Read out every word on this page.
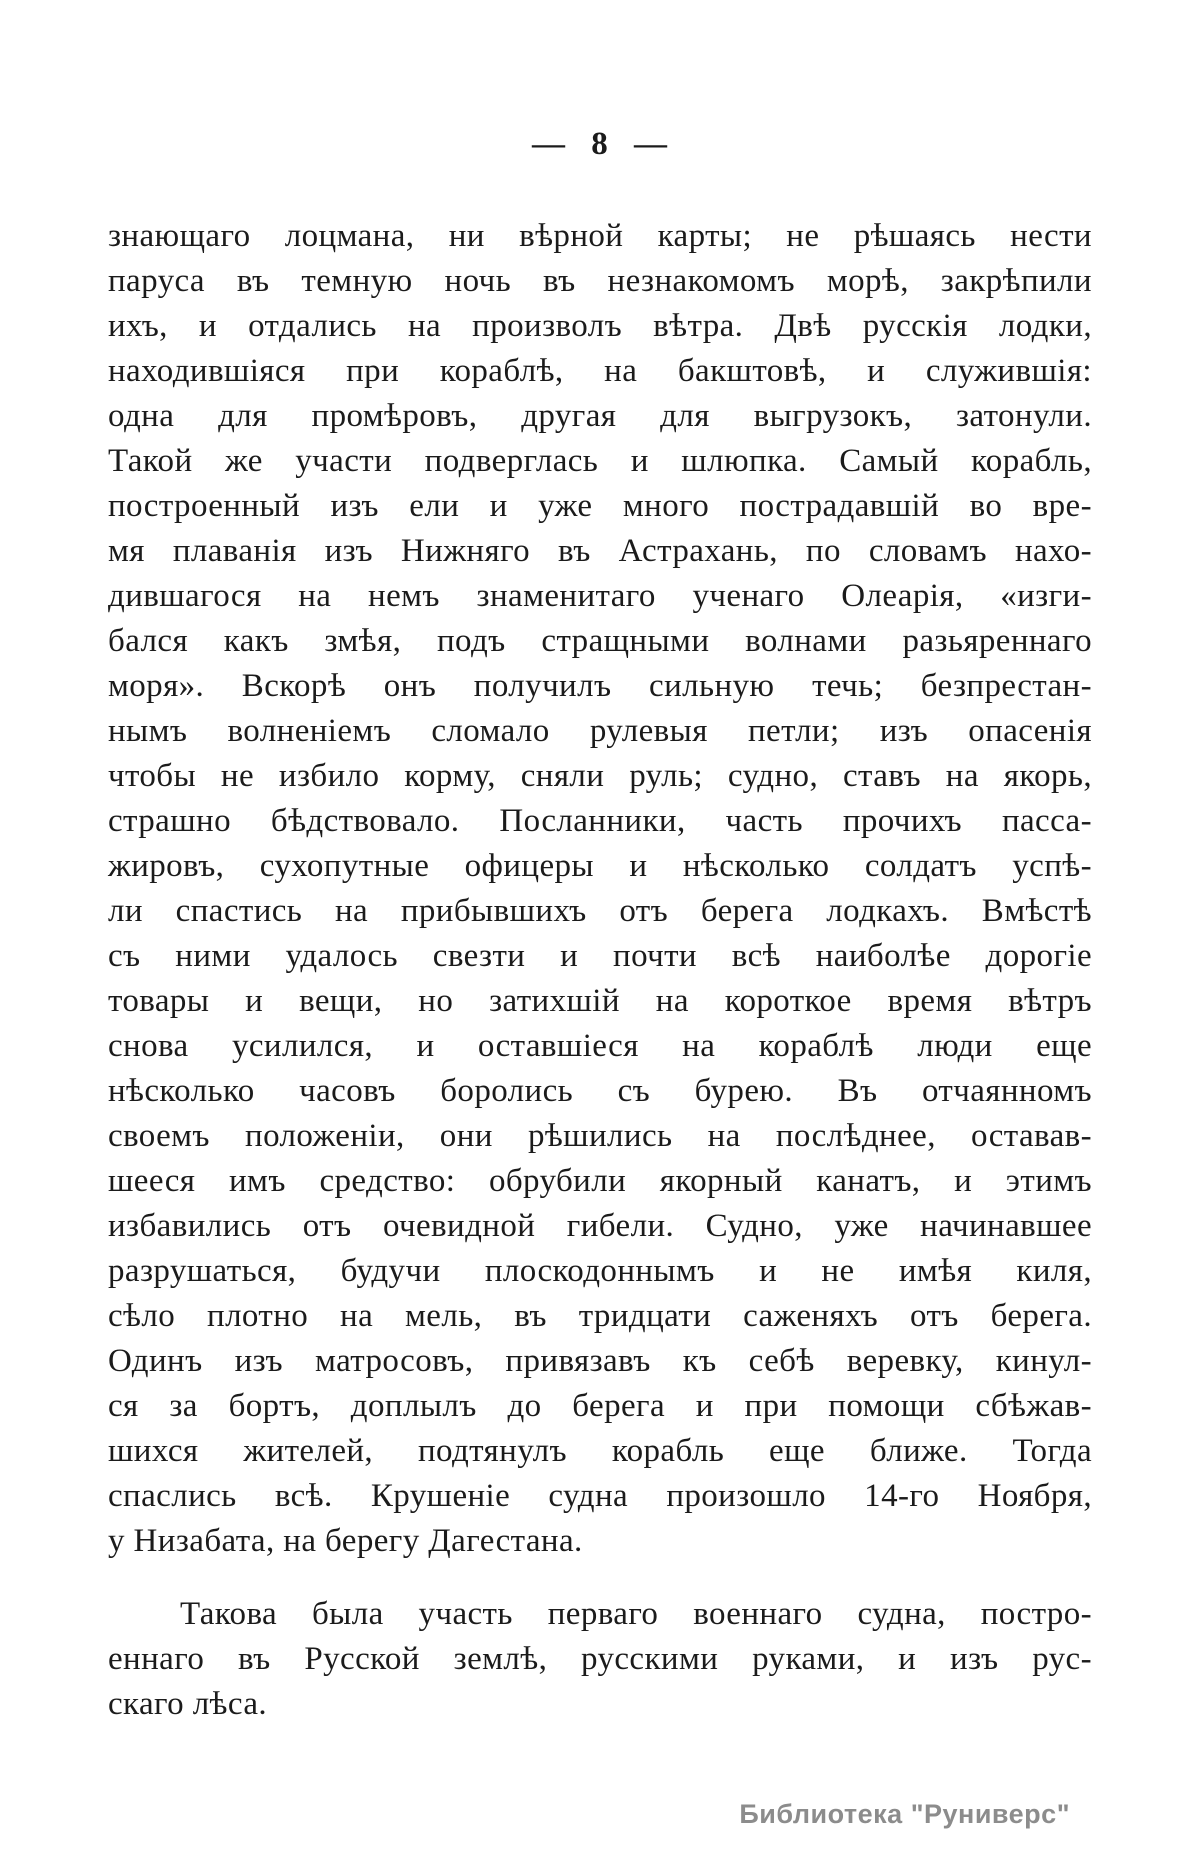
— 8 —
знающаго лоцмана, ни вѣрной карты; не рѣшаясь нести
паруса въ темную ночь въ незнакомомъ морѣ, закрѣпили
ихъ, и отдались на произволъ вѣтра. Двѣ русскія лодки,
находившіяся при кораблѣ, на бакштовѣ, и служившія:
одна для промѣровъ, другая для выгрузокъ, затонули.
Такой же участи подверглась и шлюпка. Самый корабль,
построенный изъ ели и уже много пострадавшій во вре-
мя плаванія изъ Нижняго въ Астрахань, по словамъ нахо-
дившагося на немъ знаменитаго ученаго Олеарія, «изги-
бался какъ змѣя, подъ стращными волнами разьяреннаго
моря». Вскорѣ онъ получилъ сильную течь; безпрестан-
нымъ волненіемъ сломало рулевыя петли; изъ опасенія
чтобы не избило корму, сняли руль; судно, ставъ на якорь,
страшно бѣдствовало. Посланники, часть прочихъ пасса-
жировъ, сухопутные офицеры и нѣсколько солдатъ успѣ-
ли спастись на прибывшихъ отъ берега лодкахъ. Вмѣстѣ
съ ними удалось свезти и почти всѣ наиболѣе дорогіе
товары и вещи, но затихшій на короткое время вѣтръ
снова усилился, и оставшіеся на кораблѣ люди еще
нѣсколько часовъ боролись съ бурею. Въ отчаянномъ
своемъ положеніи, они рѣшились на послѣднее, оставав-
шееся имъ средство: обрубили якорный канатъ, и этимъ
избавились отъ очевидной гибели. Судно, уже начинавшее
разрушаться, будучи плоскодоннымъ и не имѣя киля,
сѣло плотно на мель, въ тридцати саженяхъ отъ берега.
Одинъ изъ матросовъ, привязавъ къ себѣ веревку, кинул-
ся за бортъ, доплылъ до берега и при помощи сбѣжав-
шихся жителей, подтянулъ корабль еще ближе. Тогда
спаслись всѣ. Крушеніе судна произошло 14-го Ноября,
у Низабата, на берегу Дагестана.
Такова была участь перваго военнаго судна, постро-
еннаго въ Русской землѣ, русскими руками, и изъ рус-
скаго лѣса.
Библиотека "Руниверс"
